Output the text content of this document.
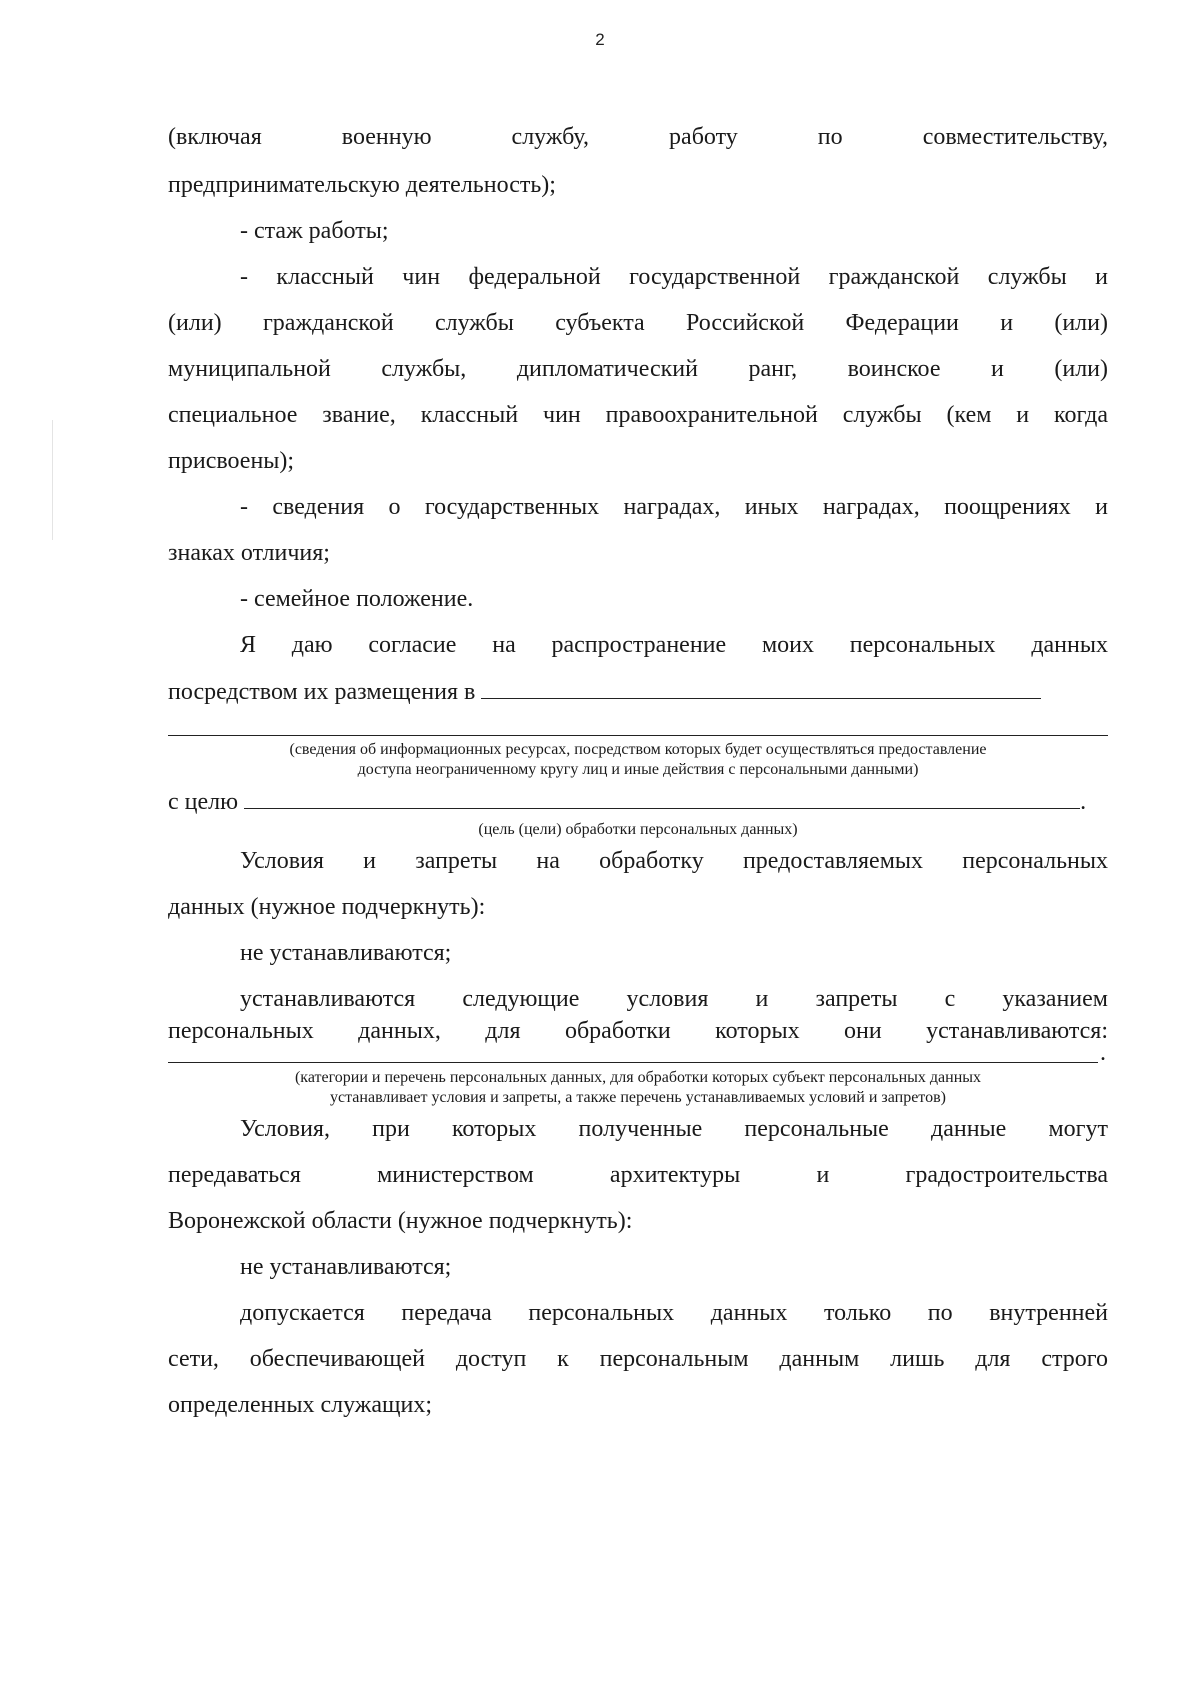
2
(включая военную службу, работу по совместительству,
предпринимательскую деятельность);
- стаж работы;
- классный чин федеральной государственной гражданской службы и
(или) гражданской службы субъекта Российской Федерации и (или)
муниципальной службы, дипломатический ранг, воинское и (или)
специальное звание, классный чин правоохранительной службы (кем и когда
присвоены);
- сведения о государственных наградах, иных наградах, поощрениях и
знаках отличия;
- семейное положение.
Я даю согласие на распространение моих персональных данных
посредством их размещения в
(сведения об информационных ресурсах, посредством которых будет осуществляться предоставление
доступа неограниченному кругу лиц и иные действия с персональными данными)
с целю	.
(цель (цели) обработки персональных данных)
Условия и запреты на обработку предоставляемых персональных
данных (нужное подчеркнуть):
не устанавливаются;
устанавливаются следующие условия и запреты с указанием
персональных данных, для обработки которых они устанавливаются:
.
(категории и перечень персональных данных, для обработки которых субъект персональных данных
устанавливает условия и запреты, а также перечень устанавливаемых условий и запретов)
Условия, при которых полученные персональные данные могут
передаваться министерством архитектуры и градостроительства
Воронежской области (нужное подчеркнуть):
не устанавливаются;
допускается передача персональных данных только по внутренней
сети, обеспечивающей доступ к персональным данным лишь для строго
определенных служащих;
